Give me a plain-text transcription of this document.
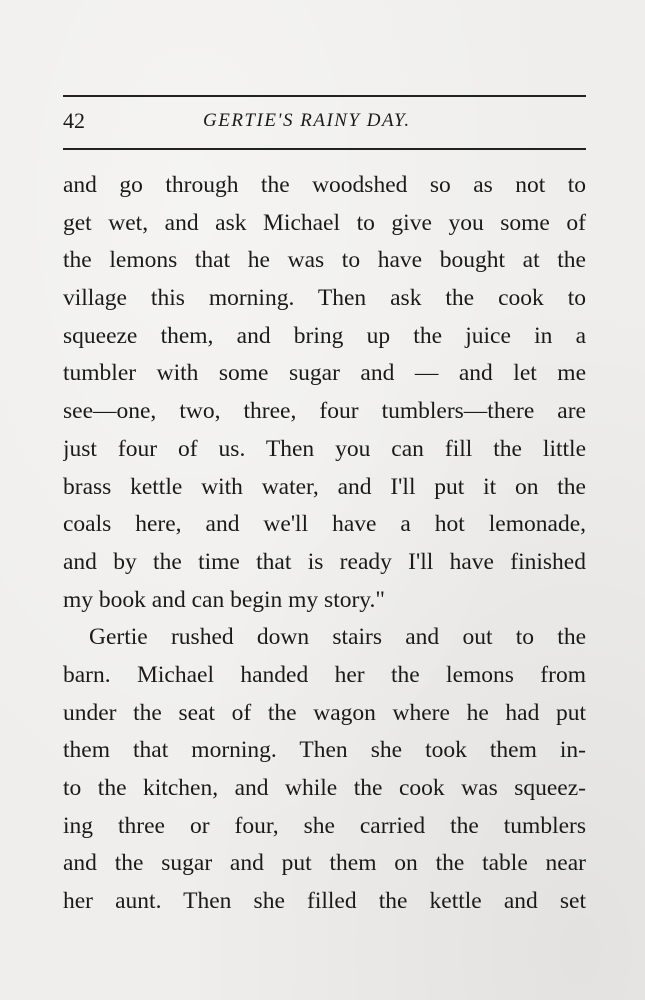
42	GERTIE'S RAINY DAY.
and go through the woodshed so as not to
get wet, and ask Michael to give you some of
the lemons that he was to have bought at the
village this morning. Then ask the cook to
squeeze them, and bring up the juice in a
tumbler with some sugar and — and let me
see—one, two, three, four tumblers—there are
just four of us. Then you can fill the little
brass kettle with water, and I'll put it on the
coals here, and we'll have a hot lemonade,
and by the time that is ready I'll have finished
my book and can begin my story."
Gertie rushed down stairs and out to the
barn. Michael handed her the lemons from
under the seat of the wagon where he had put
them that morning. Then she took them in-
to the kitchen, and while the cook was squeez-
ing three or four, she carried the tumblers
and the sugar and put them on the table near
her aunt. Then she filled the kettle and set
